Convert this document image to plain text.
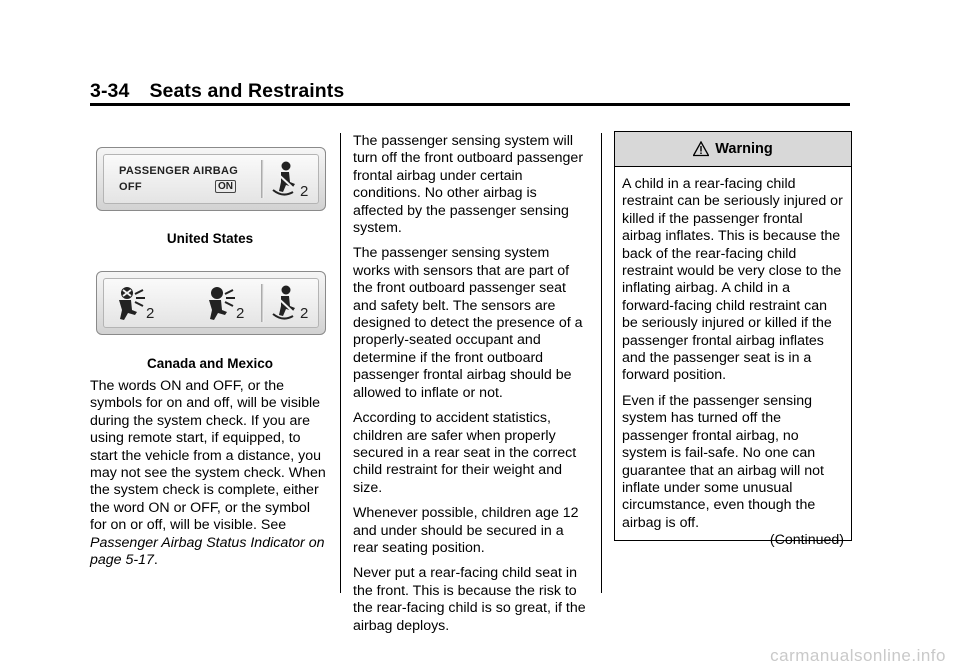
3-34 Seats and Restraints
PASSENGER AIRBAG
OFF	ON	2
United States
2	2	2
Canada and Mexico

The words ON and OFF, or the symbols for on and off, will be visible during the system check. If you are using remote start, if equipped, to start the vehicle from a distance, you may not see the system check. When the system check is complete, either the word ON or OFF, or the symbol for on or off, will be visible. See Passenger Airbag Status Indicator on page 5-17.

The passenger sensing system will turn off the front outboard passenger frontal airbag under certain conditions. No other airbag is affected by the passenger sensing system.

The passenger sensing system works with sensors that are part of the front outboard passenger seat and safety belt. The sensors are designed to detect the presence of a properly-seated occupant and determine if the front outboard passenger frontal airbag should be allowed to inflate or not.

According to accident statistics, children are safer when properly secured in a rear seat in the correct child restraint for their weight and size.

Whenever possible, children age 12 and under should be secured in a rear seating position.

Never put a rear-facing child seat in the front. This is because the risk to the rear-facing child is so great, if the airbag deploys.

Warning

A child in a rear-facing child restraint can be seriously injured or killed if the passenger frontal airbag inflates. This is because the back of the rear-facing child restraint would be very close to the inflating airbag. A child in a forward-facing child restraint can be seriously injured or killed if the passenger frontal airbag inflates and the passenger seat is in a forward position.

Even if the passenger sensing system has turned off the passenger frontal airbag, no system is fail-safe. No one can guarantee that an airbag will not inflate under some unusual circumstance, even though the airbag is off.

(Continued)
carmanualsonline.info
